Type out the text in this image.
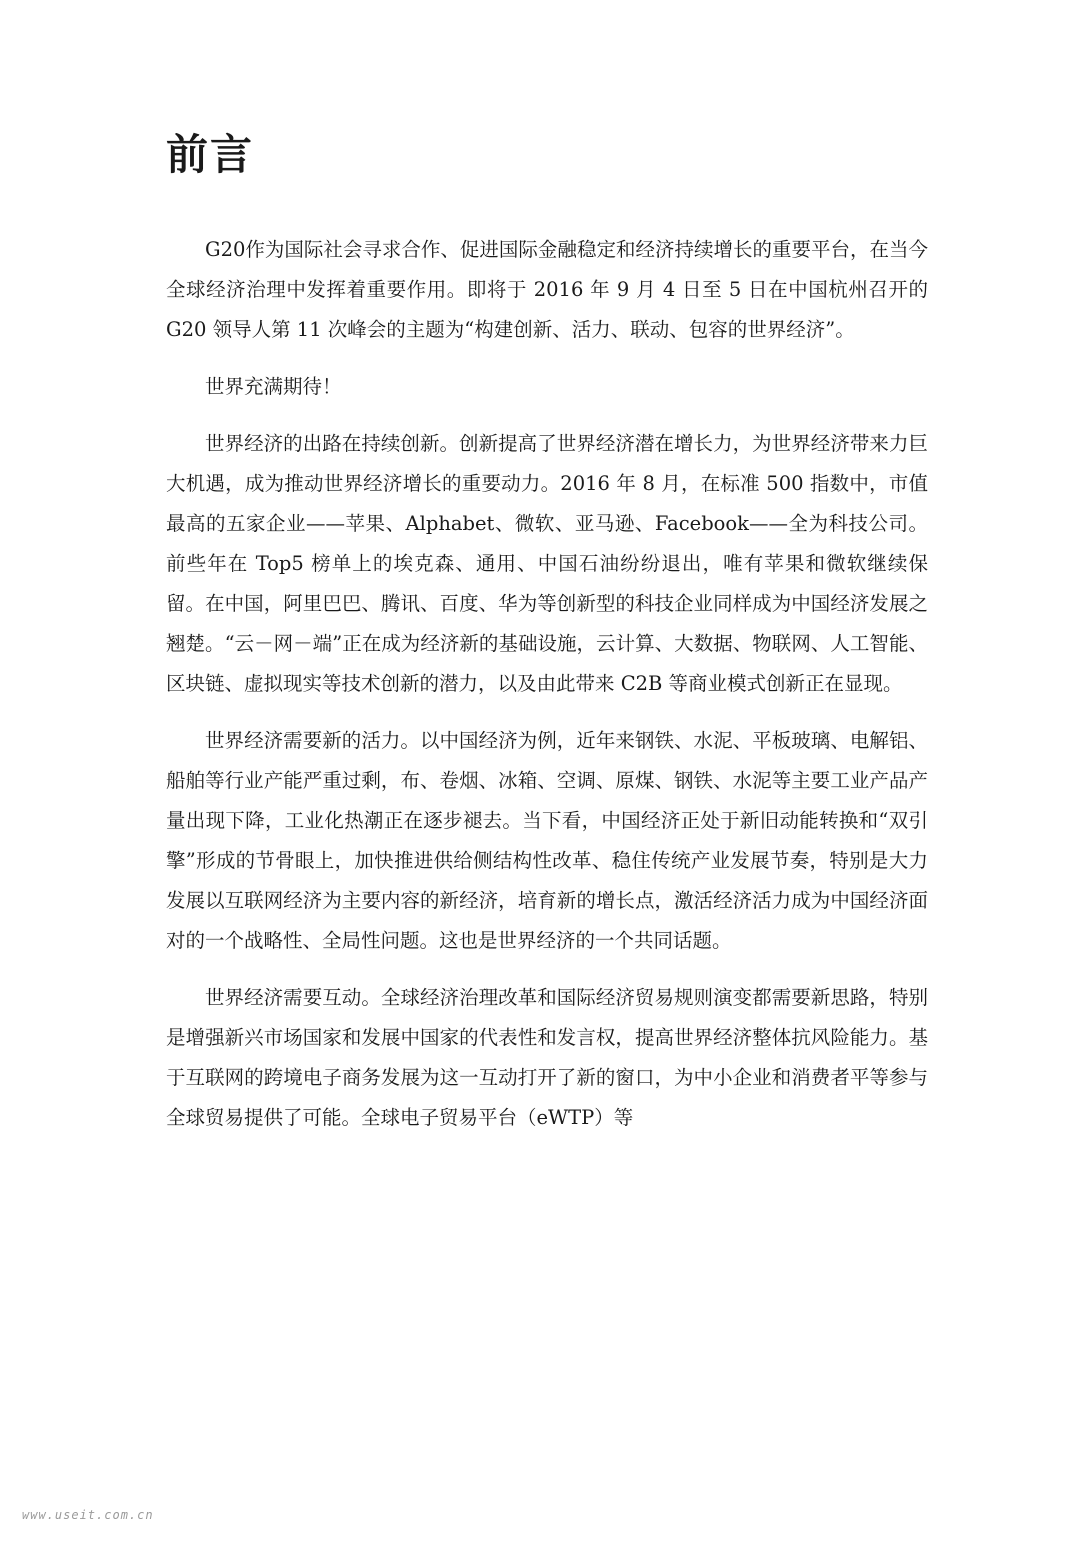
前言

G20作为国际社会寻求合作、促进国际金融稳定和经济持续增长的重要平台，在当今全球经济治理中发挥着重要作用。即将于 2016 年 9 月 4 日至 5 日在中国杭州召开的 G20 领导人第 11 次峰会的主题为“构建创新、活力、联动、包容的世界经济”。

世界充满期待！

世界经济的出路在持续创新。创新提高了世界经济潜在增长力，为世界经济带来力巨大机遇，成为推动世界经济增长的重要动力。2016 年 8 月，在标准 500 指数中，市值最高的五家企业——苹果、Alphabet、微软、亚马逊、Facebook——全为科技公司。前些年在 Top5 榜单上的埃克森、通用、中国石油纷纷退出，唯有苹果和微软继续保留。在中国，阿里巴巴、腾讯、百度、华为等创新型的科技企业同样成为中国经济发展之翘楚。“云－网－端”正在成为经济新的基础设施，云计算、大数据、物联网、人工智能、区块链、虚拟现实等技术创新的潜力，以及由此带来 C2B 等商业模式创新正在显现。

世界经济需要新的活力。以中国经济为例，近年来钢铁、水泥、平板玻璃、电解铝、船舶等行业产能严重过剩，布、卷烟、冰箱、空调、原煤、钢铁、水泥等主要工业产品产量出现下降，工业化热潮正在逐步褪去。当下看，中国经济正处于新旧动能转换和“双引擎”形成的节骨眼上，加快推进供给侧结构性改革、稳住传统产业发展节奏，特别是大力发展以互联网经济为主要内容的新经济，培育新的增长点，激活经济活力成为中国经济面对的一个战略性、全局性问题。这也是世界经济的一个共同话题。

世界经济需要互动。全球经济治理改革和国际经济贸易规则演变都需要新思路，特别是增强新兴市场国家和发展中国家的代表性和发言权，提高世界经济整体抗风险能力。基于互联网的跨境电子商务发展为这一互动打开了新的窗口，为中小企业和消费者平等参与全球贸易提供了可能。全球电子贸易平台（eWTP）等

www.useit.com.cn
